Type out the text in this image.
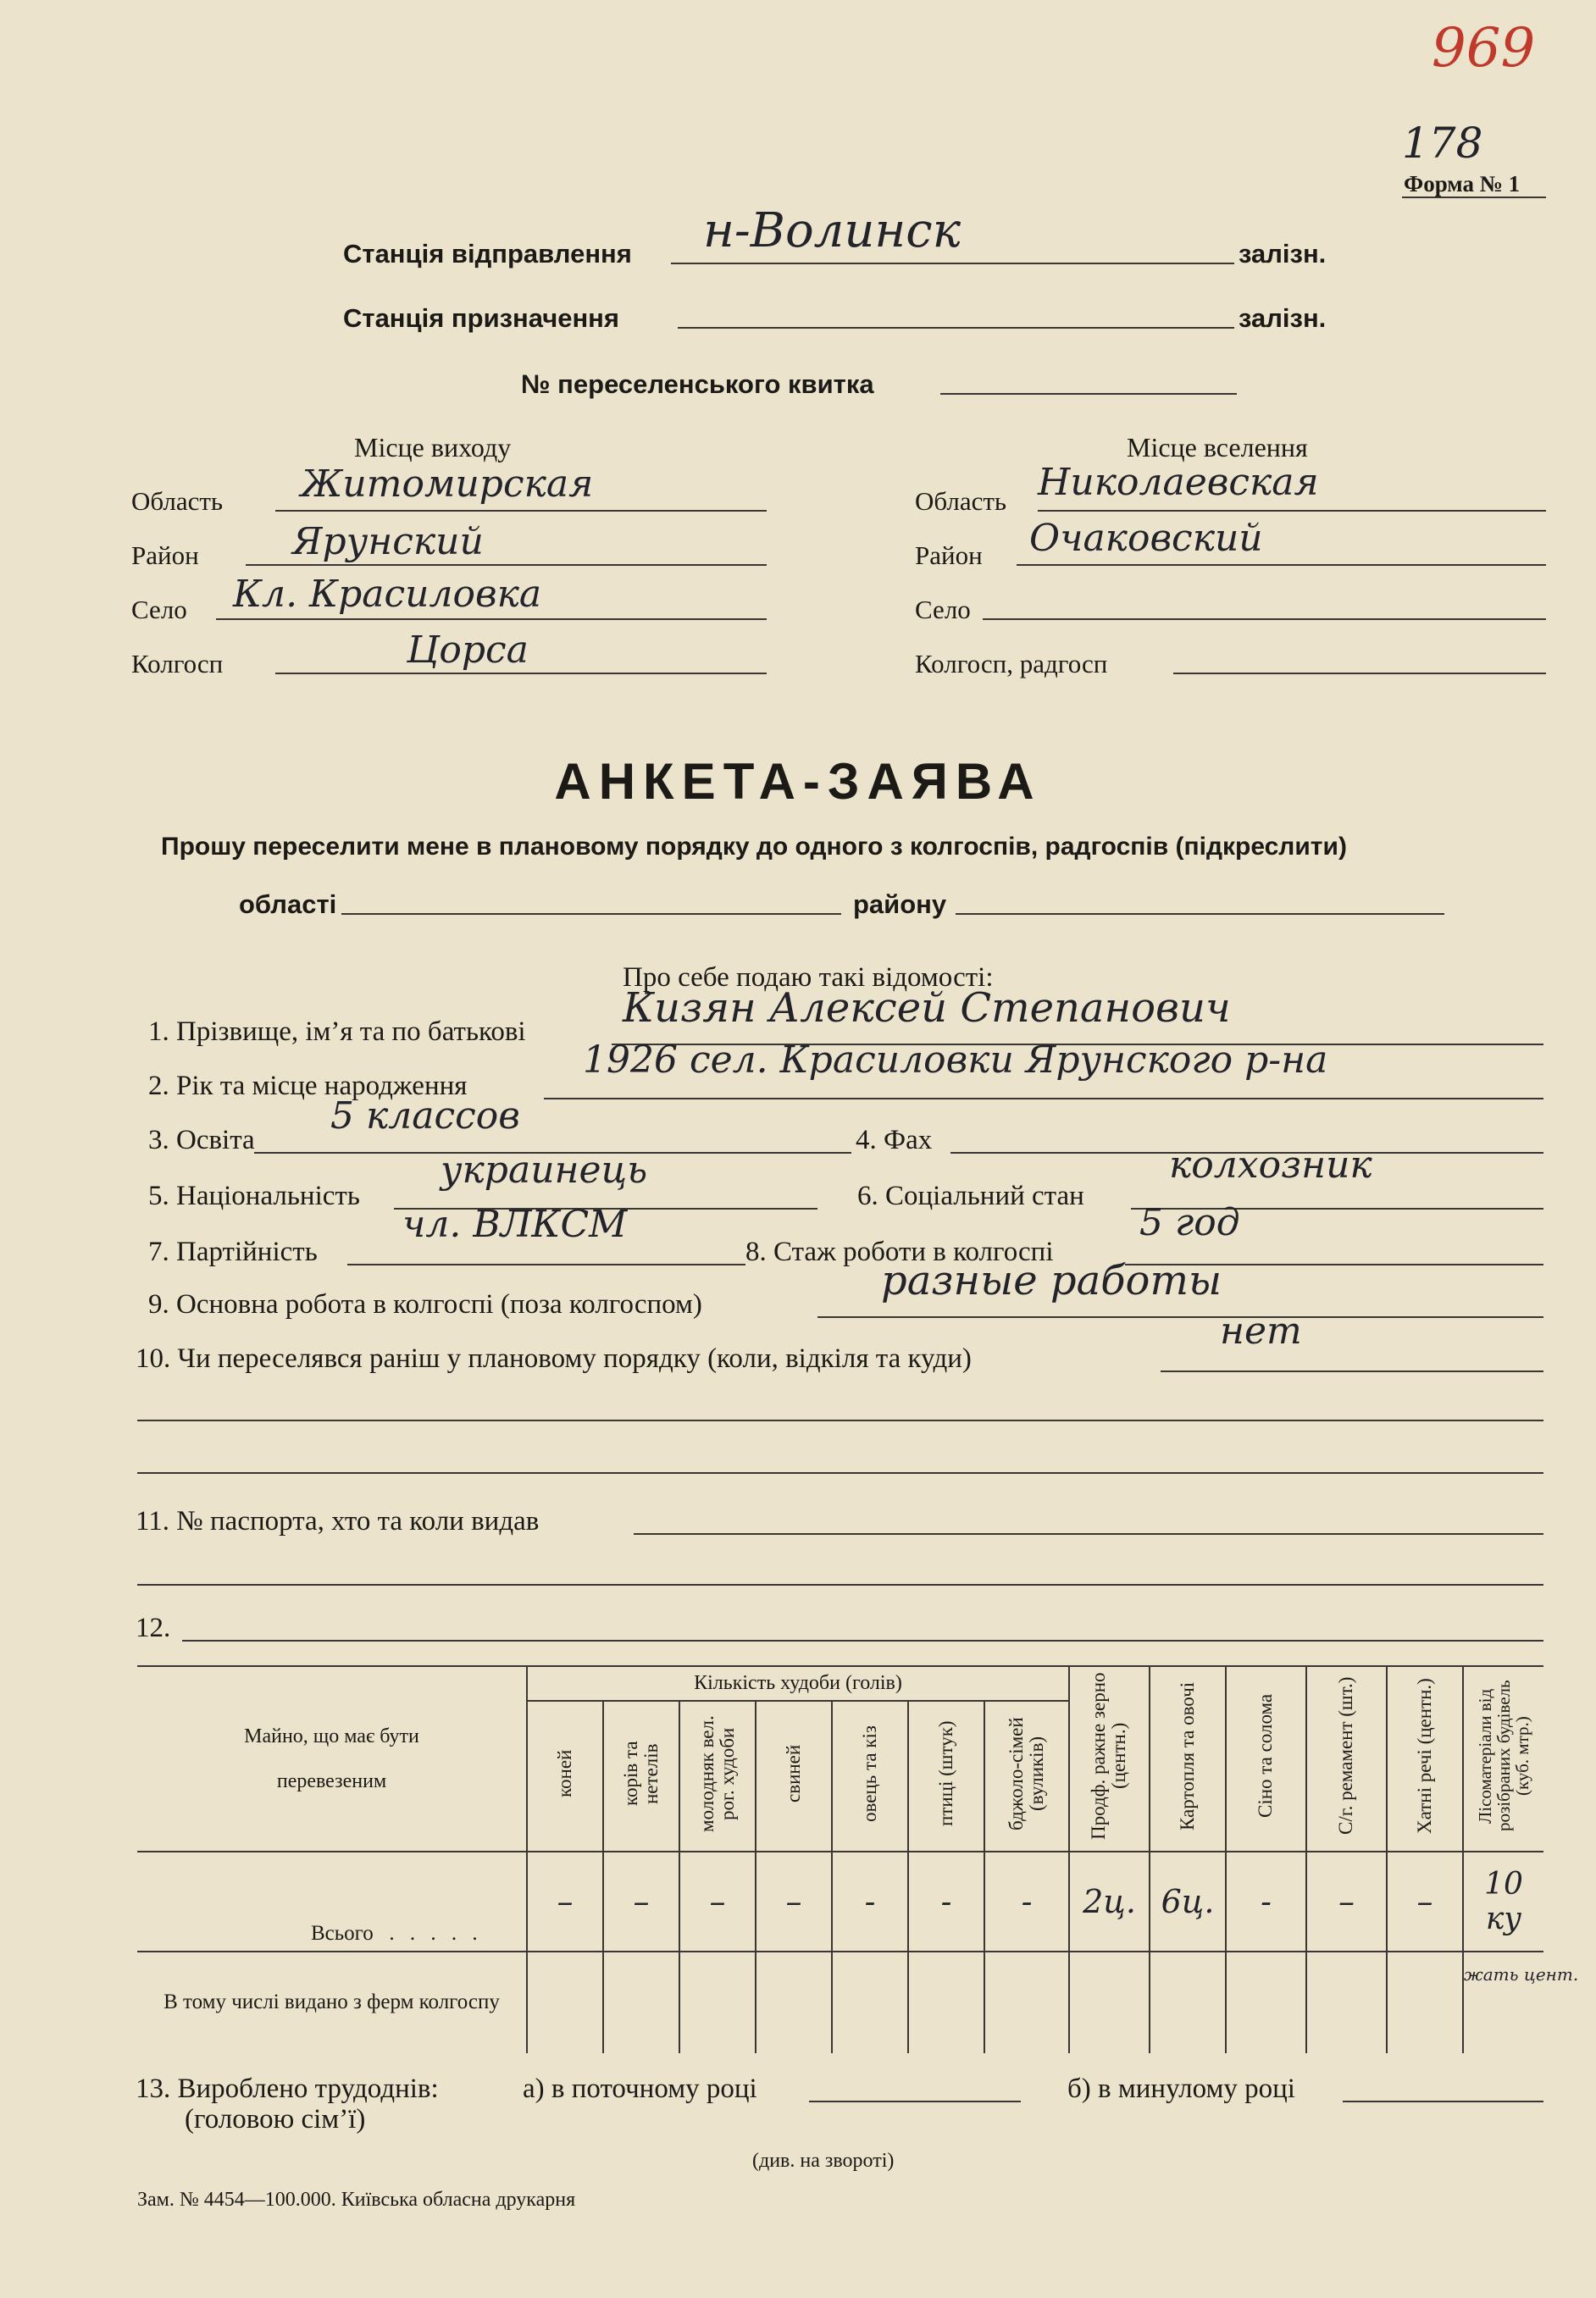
969
178
Форма № 1
Станція відправлення н-Волинск	залізн.
Станція призначення	залізн.
№ переселенського квитка
Місце виходу
Область Житомирская
Район	Ярунский
Село Кл. Красиловка
Колгосп	Цорса
Місце вселення
Область Николаевская
Район Очаковский
Село
Колгосп, радгосп
АНКЕТА-ЗАЯВА
Прошу переселити мене в плановому порядку до одного з колгоспів, радгоспів (підкреслити)
області	району
Про себе подаю такі відомості:
1. Прізвище, ім’я та по батькові Кизян Алексей Степанович
2. Рік та місце народження
1926 сел. Красиловки Ярунского р-на
3. Освіта
5 классов
4. Фах
5. Національність
украинець
6. Соціальний стан
колхозник
7. Партійність
чл. ВЛКСМ
8. Стаж роботи в колгоспі
5 год
9. Основна робота в колгоспі (поза колгоспом)	разные работы
10. Чи переселявся раніш у плановому порядку (коли, відкіля та куди)
нет
11. № паспорта, хто та коли видав
12.
Майно, що має бути перевезеним	Кількість худоби (голів)							Продф. ражне зерно (центн.)	Картопля та овочі	Сіно та солома	С/г. ремамент (шт.)	Хатні речі (центн.)	Лісоматеріали від розібраних будівель (куб. мтр.)
	коней	корів та нетелів	молодняк вел. рог. худоби	свиней	овець та кіз	птиці (штук)	бджоло-сімей (вуликів)						

Всього  . . . . .	–	–	–	–	-	-	-	2ц.	6ц.	-	–	–	10 ку

В тому числі видано з ферм колгоспу													жать цент.
13. Вироблено трудоднів:
(головою сім’ї)
а) в поточному році	б) в минулому році
(див. на звороті)
Зам. № 4454—100.000. Київська обласна друкарня
